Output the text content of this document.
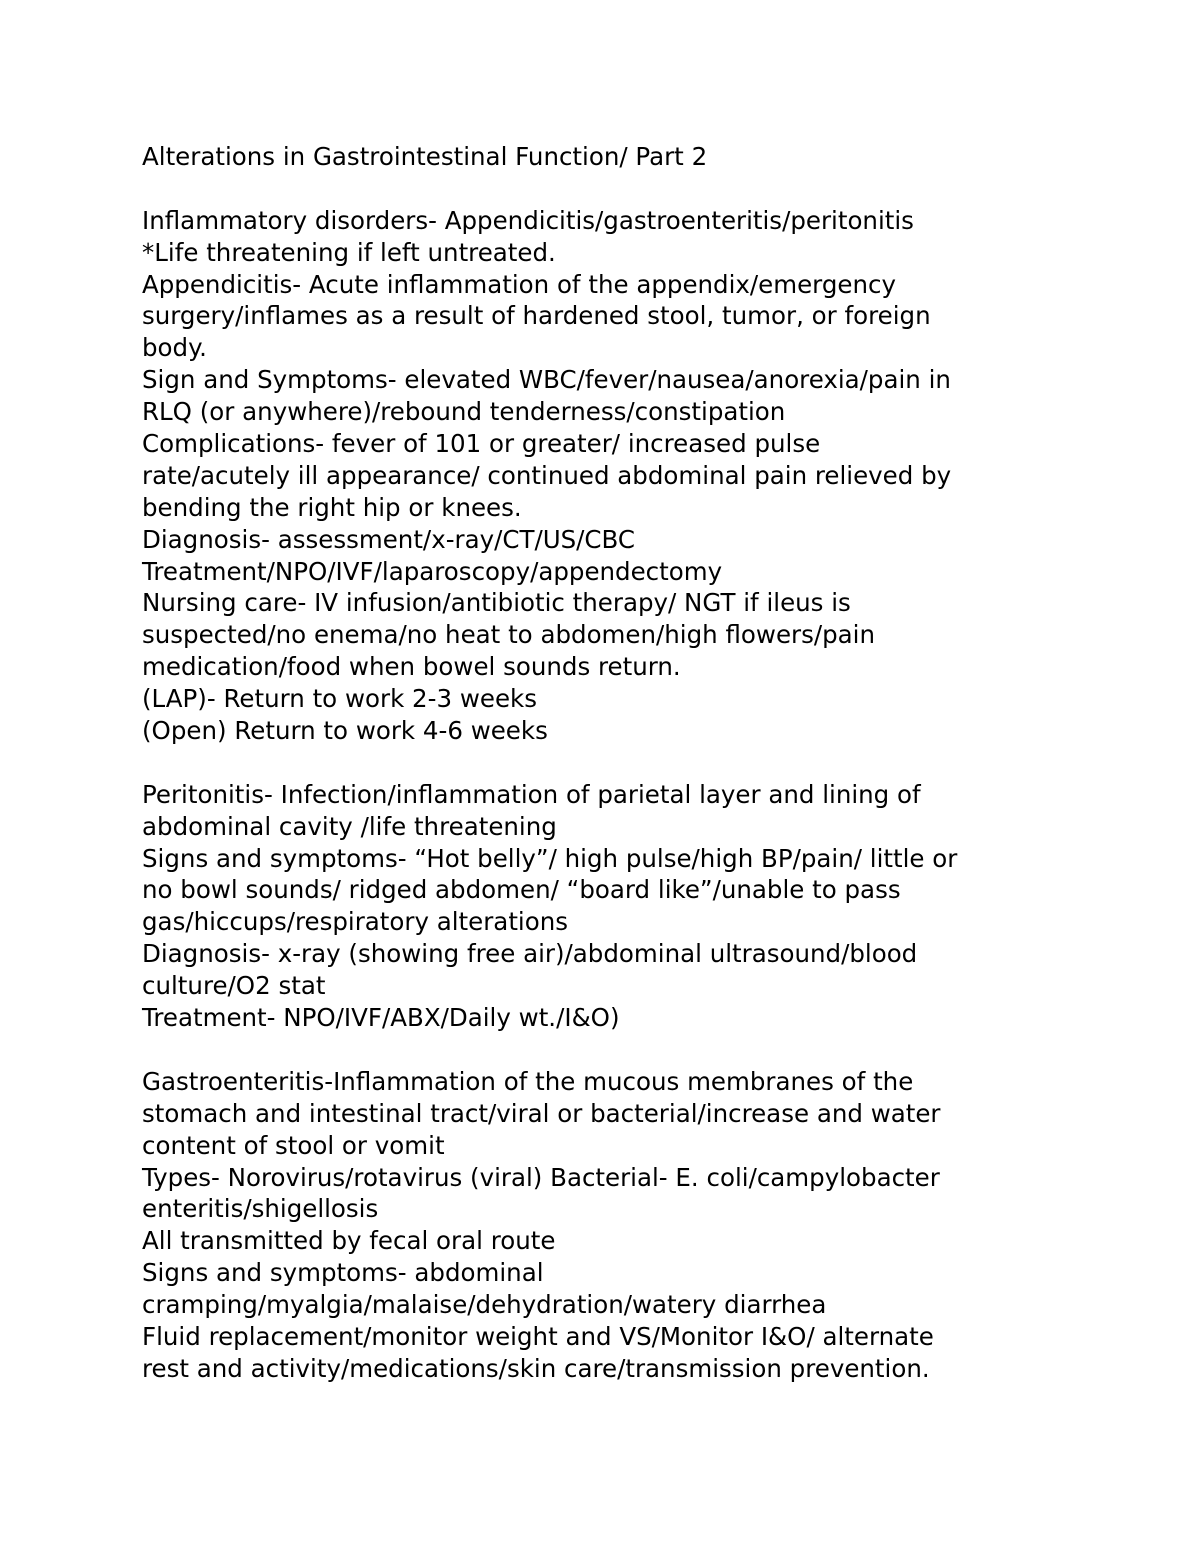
Alterations in Gastrointestinal Function/ Part 2
Inflammatory disorders- Appendicitis/gastroenteritis/peritonitis
*Life threatening if left untreated.
Appendicitis- Acute inflammation of the appendix/emergency
surgery/inflames as a result of hardened stool, tumor, or foreign
body.
Sign and Symptoms- elevated WBC/fever/nausea/anorexia/pain in
RLQ (or anywhere)/rebound tenderness/constipation
Complications- fever of 101 or greater/ increased pulse
rate/acutely ill appearance/ continued abdominal pain relieved by
bending the right hip or knees.
Diagnosis- assessment/x-ray/CT/US/CBC
Treatment/NPO/IVF/laparoscopy/appendectomy
Nursing care- IV infusion/antibiotic therapy/ NGT if ileus is
suspected/no enema/no heat to abdomen/high flowers/pain
medication/food when bowel sounds return.
(LAP)- Return to work 2-3 weeks
(Open) Return to work 4-6 weeks
Peritonitis- Infection/inflammation of parietal layer and lining of
abdominal cavity /life threatening
Signs and symptoms- “Hot belly”/ high pulse/high BP/pain/ little or
no bowl sounds/ ridged abdomen/ “board like”/unable to pass
gas/hiccups/respiratory alterations
Diagnosis- x-ray (showing free air)/abdominal ultrasound/blood
culture/O2 stat
Treatment- NPO/IVF/ABX/Daily wt./I&O)
Gastroenteritis-Inflammation of the mucous membranes of the
stomach and intestinal tract/viral or bacterial/increase and water
content of stool or vomit
Types- Norovirus/rotavirus (viral) Bacterial- E. coli/campylobacter
enteritis/shigellosis
All transmitted by fecal oral route
Signs and symptoms- abdominal
cramping/myalgia/malaise/dehydration/watery diarrhea
Fluid replacement/monitor weight and VS/Monitor I&O/ alternate
rest and activity/medications/skin care/transmission prevention.
